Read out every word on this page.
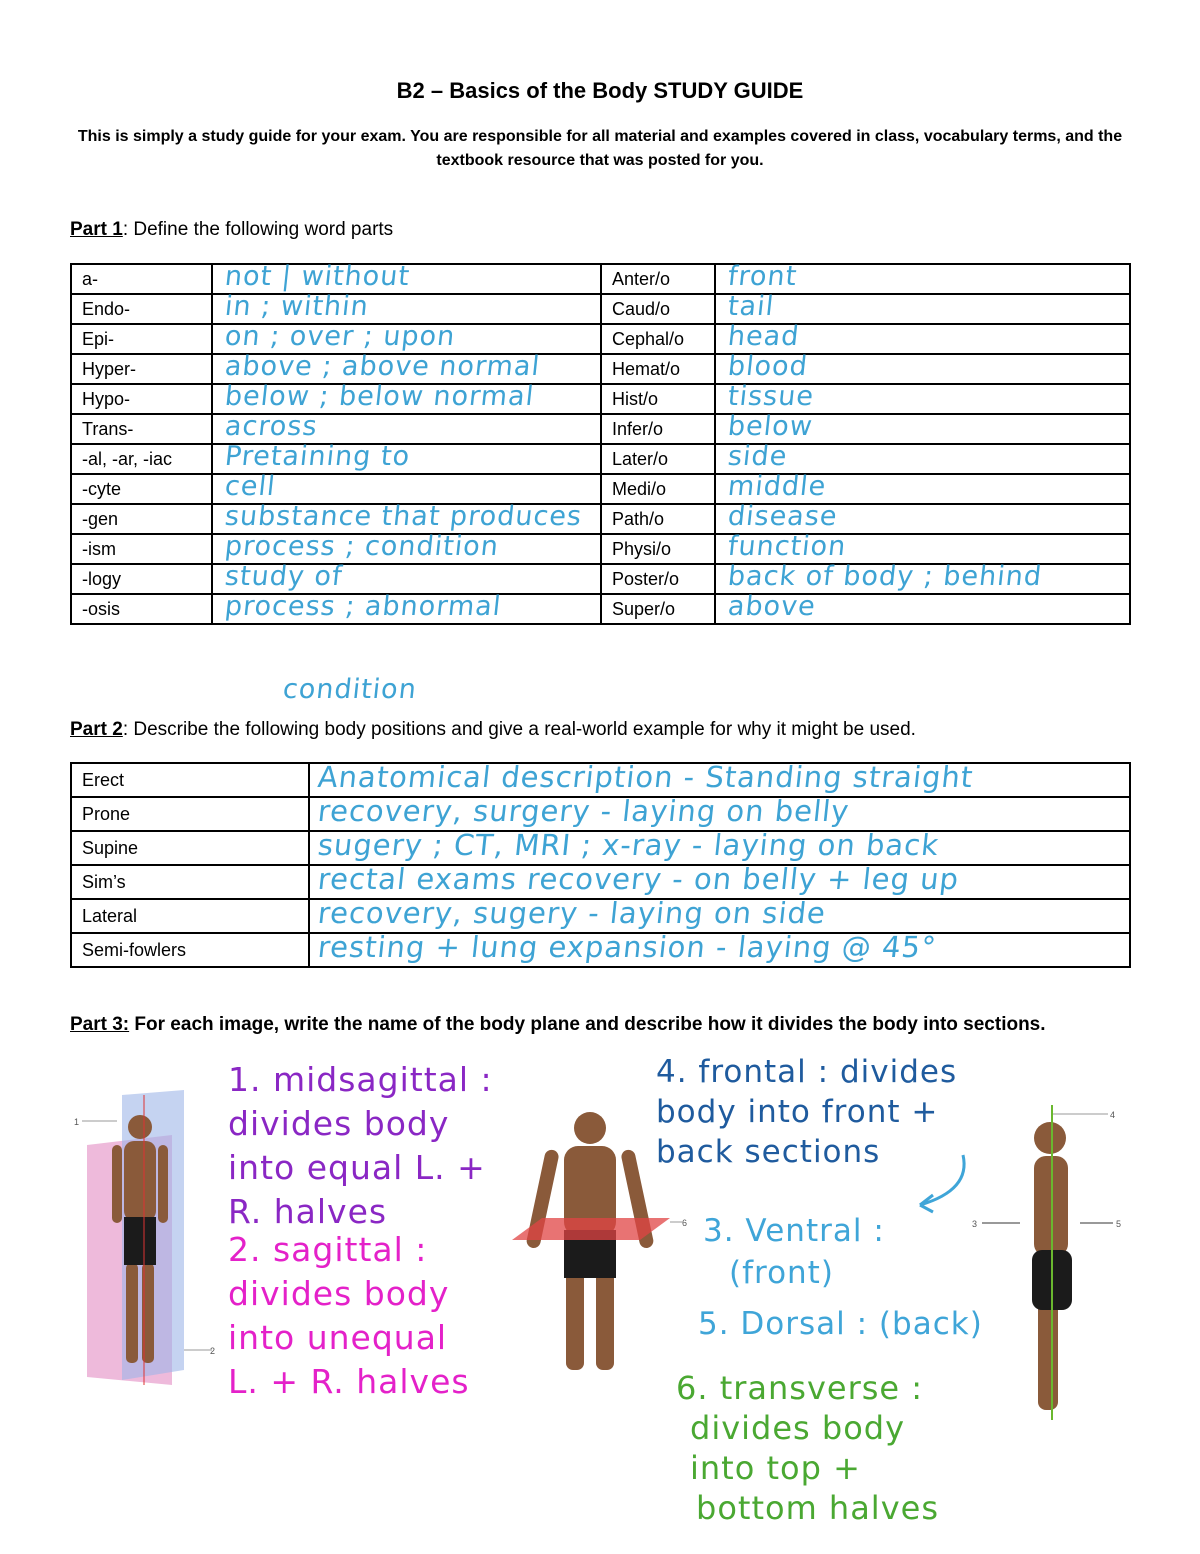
B2 – Basics of the Body STUDY GUIDE
This is simply a study guide for your exam. You are responsible for all material and examples covered in class, vocabulary terms, and the textbook resource that was posted for you.
Part 1: Define the following word parts
a-	not | without	Anter/o	front

Endo-	in ; within	Caud/o	tail

Epi-	on ; over ; upon	Cephal/o	head

Hyper-	above ; above normal	Hemat/o	blood

Hypo-	below ; below normal	Hist/o	tissue

Trans-	across	Infer/o	below

-al, -ar, -iac	Pretaining to	Later/o	side

-cyte	cell	Medi/o	middle

-gen	substance that produces	Path/o	disease

-ism	process ; condition	Physi/o	function

-logy	study of	Poster/o	back of body ; behind

-osis	process ; abnormal	Super/o	above
condition
Part 2: Describe the following body positions and give a real-world example for why it might be used.
Erect	Anatomical description - Standing straight

Prone	recovery, surgery - laying on belly

Supine	sugery ; CT, MRI ; x-ray - laying on back

Sim’s	rectal exams recovery - on belly + leg up

Lateral	recovery, sugery - laying on side

Semi-fowlers	resting + lung expansion - laying @ 45°
Part 3: For each image, write the name of the body plane and describe how it divides the body into sections.
1
2
6
4
3	5
1. midsagittal :
divides body
into equal L. +
R. halves
2. sagittal :
divides body
into unequal
L. + R. halves
4. frontal : divides
body into front +
back sections
3. Ventral :
(front)
5. Dorsal : (back)
6. transverse :
divides body
into top +
bottom halves
